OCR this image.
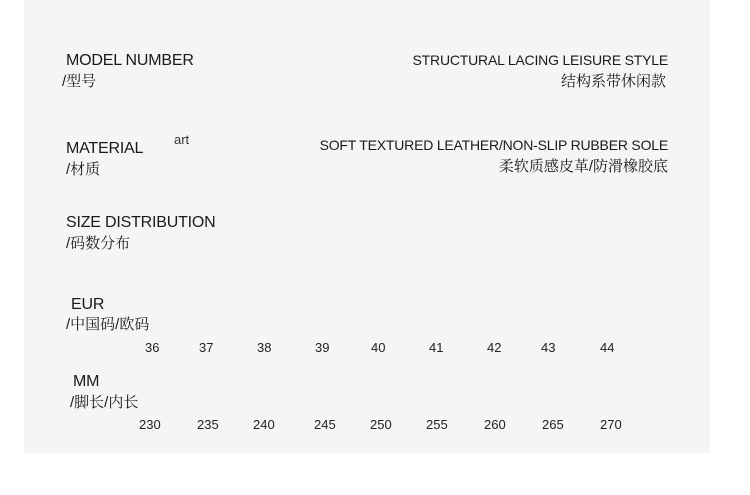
MODEL NUMBER
/型号
STRUCTURAL LACING LEISURE STYLE
结构系带休闲款
MATERIAL
art
/材质
SOFT TEXTURED LEATHER/NON-SLIP RUBBER SOLE
柔软质感皮革/防滑橡胶底
SIZE DISTRIBUTION
/码数分布
EUR
/中国码/欧码
36	37	38	39	40	41	42	43	44
MM
/脚长/内长
230	235	240	245	250	255	260	265	270
